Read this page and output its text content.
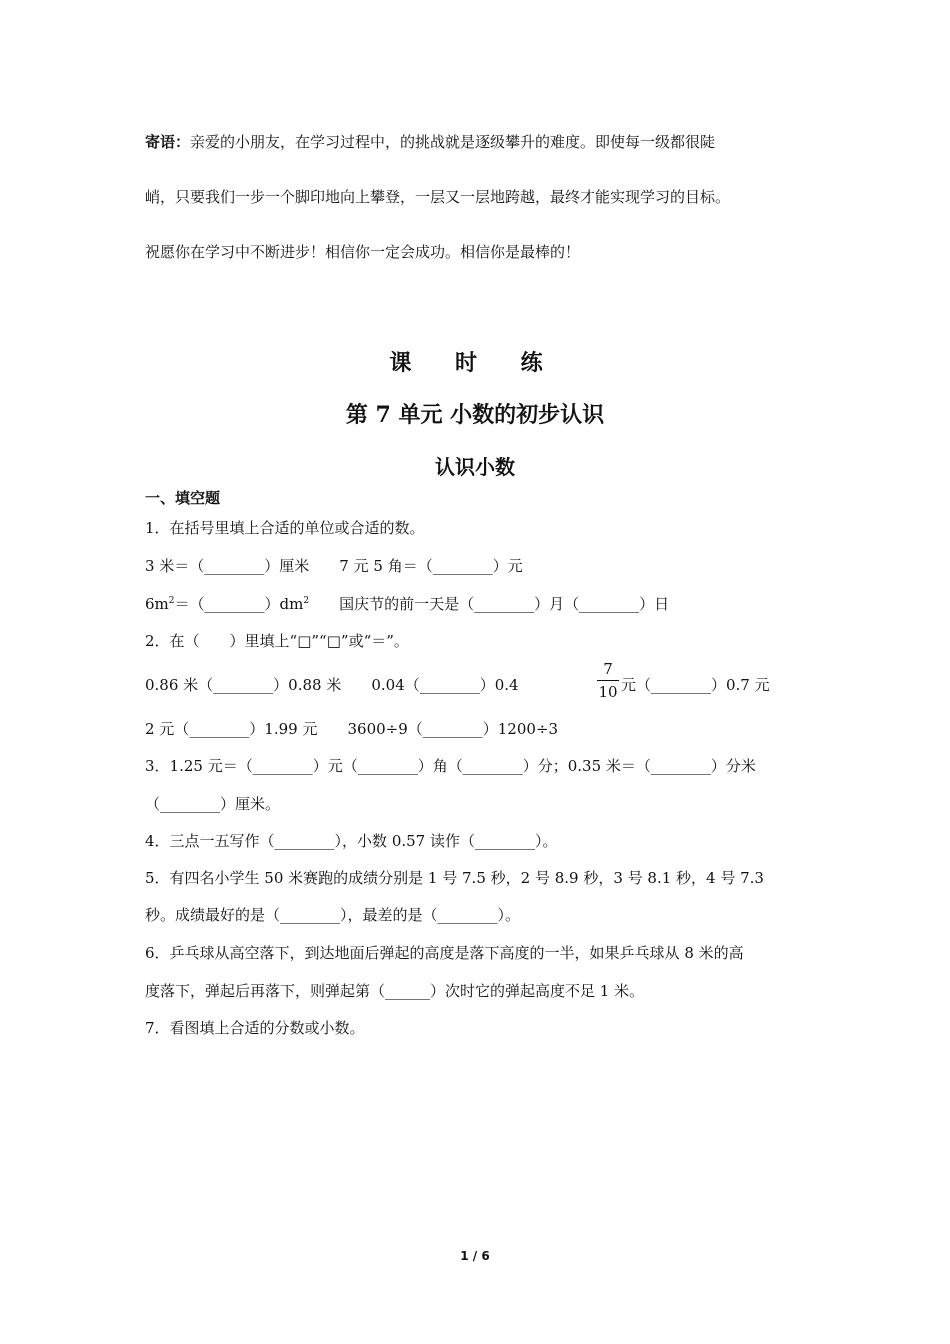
寄语：亲爱的小朋友，在学习过程中，的挑战就是逐级攀升的难度。即使每一级都很陡
峭，只要我们一步一个脚印地向上攀登，一层又一层地跨越，最终才能实现学习的目标。
祝愿你在学习中不断进步！相信你一定会成功。相信你是最棒的！
课 时 练
第 7 单元 小数的初步认识
认识小数
一、填空题
1．在括号里填上合适的单位或合适的数。
3 米＝（________）厘米　　7 元 5 角＝（________）元
$6m^2=(\_\_\_\_\_\_\_\_)dm^2$　　国庆节的前一天是（________）月（________）日
2．在（　　）里填上“□”“□”或“＝”。
0.86 米（________）0.88 米　　0.04（________）0.4
7
10 元（________）0.7 元
2 元（________）1.99 元　　3600÷9（________）1200÷3
3．1.25 元＝（________）元（________）角（________）分；0.35 米＝（________）分米
（________）厘米。
4．三点一五写作（________），小数 0.57 读作（________）。
5．有四名小学生 50 米赛跑的成绩分别是 1 号 7.5 秒，2 号 8.9 秒，3 号 8.1 秒，4 号 7.3
秒。成绩最好的是（________），最差的是（________）。
6．乒乓球从高空落下，到达地面后弹起的高度是落下高度的一半，如果乒乓球从 8 米的高
度落下，弹起后再落下，则弹起第（______）次时它的弹起高度不足 1 米。
7．看图填上合适的分数或小数。
1 / 6
